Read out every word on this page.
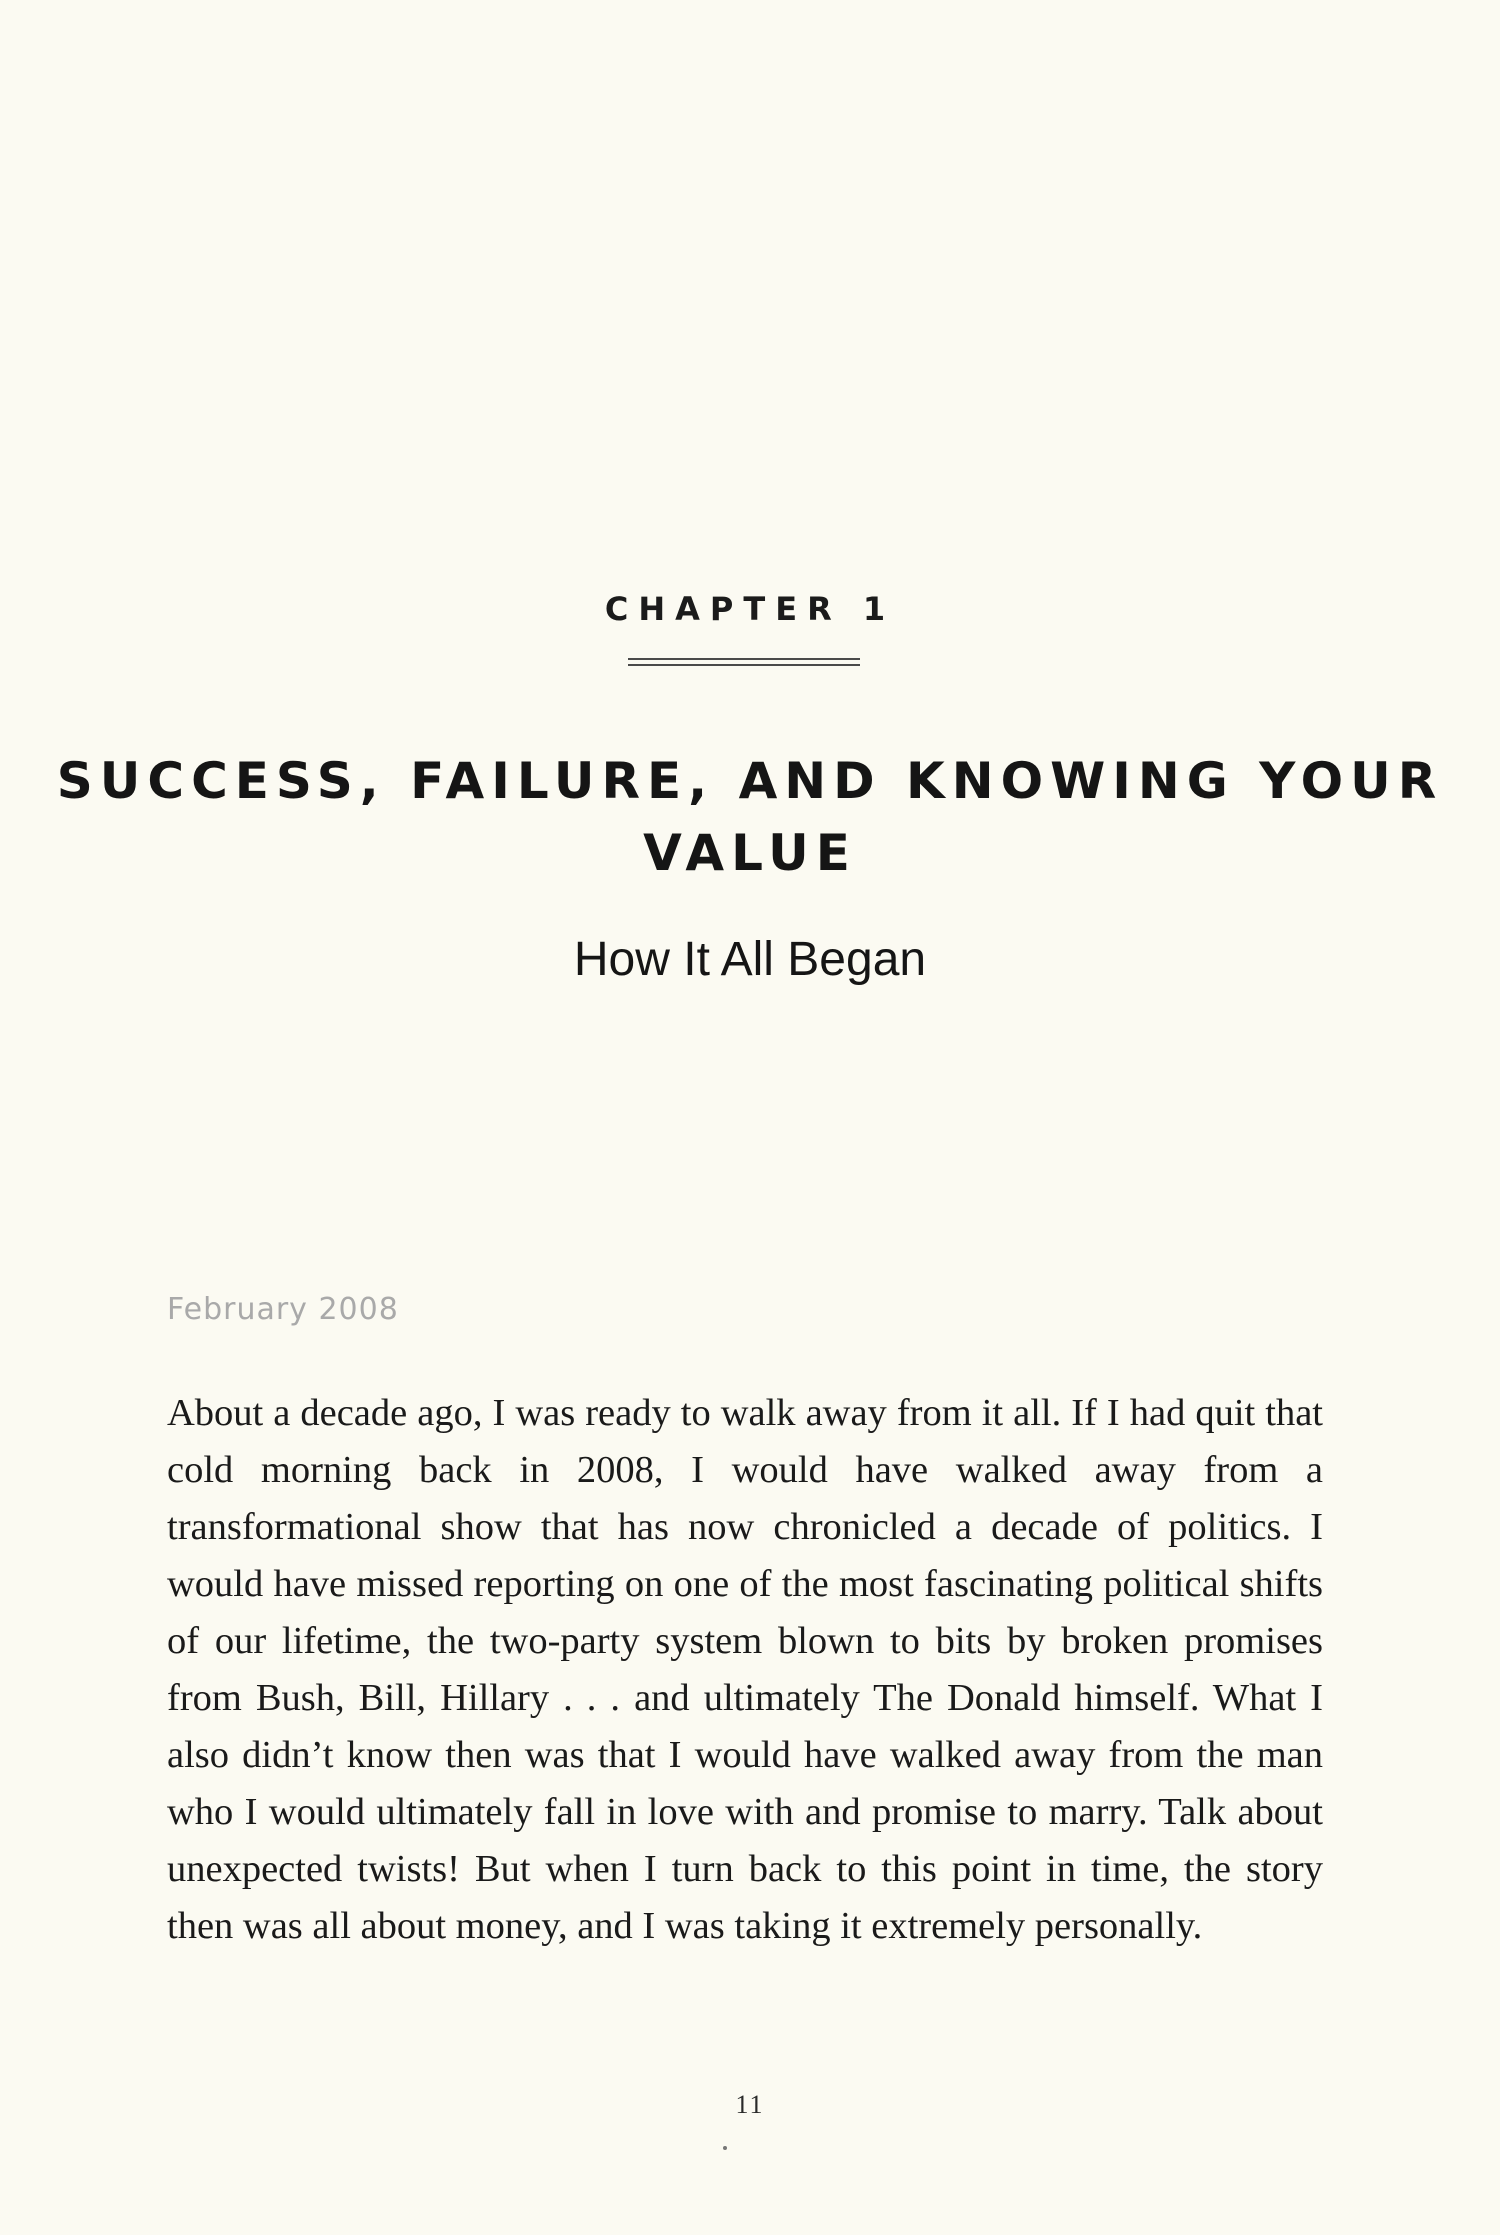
CHAPTER 1
SUCCESS, FAILURE, AND KNOWING YOUR VALUE
How It All Began
February 2008

About a decade ago, I was ready to walk away from it all. If I had quit that cold morning back in 2008, I would have walked away from a transformational show that has now chronicled a decade of politics. I would have missed reporting on one of the most fascinating political shifts of our lifetime, the two-party system blown to bits by broken promises from Bush, Bill, Hillary . . . and ultimately The Donald himself. What I also didn’t know then was that I would have walked away from the man who I would ultimately fall in love with and promise to marry. Talk about unexpected twists! But when I turn back to this point in time, the story then was all about money, and I was taking it extremely personally.

11
